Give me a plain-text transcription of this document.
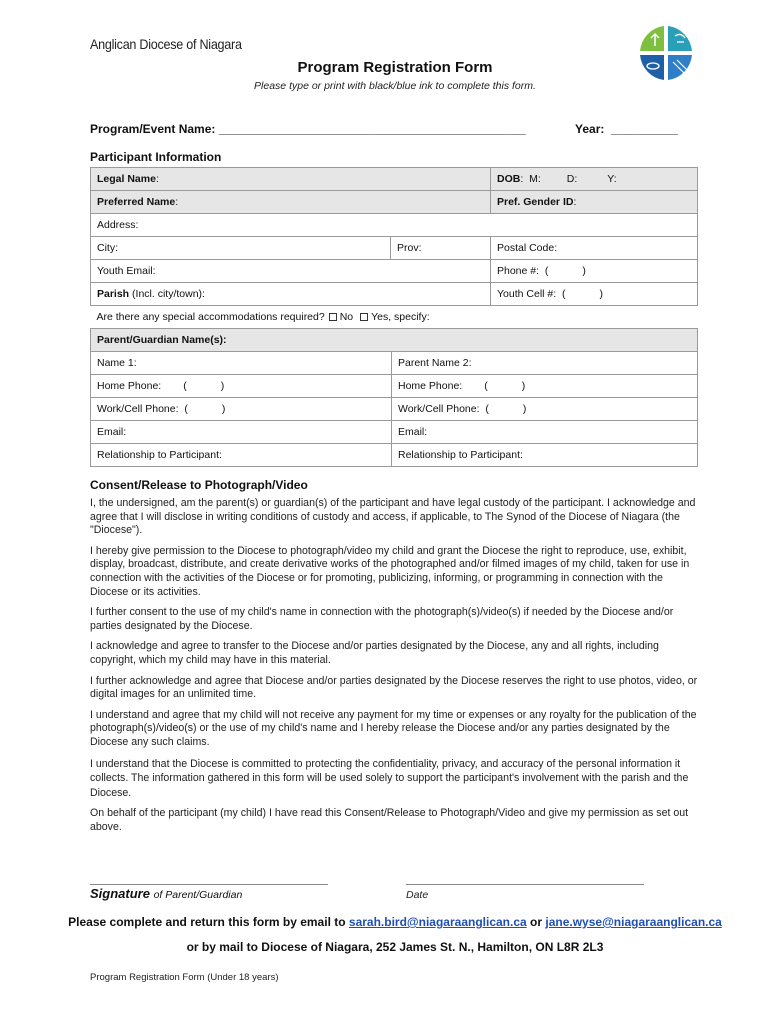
Anglican Diocese of Niagara
Program Registration Form
Please type or print with black/blue ink to complete this form.
Program/Event Name: ______________________________________________	Year: __________
Participant Information
Legal Name:		DOB:  M: D: Y:
Preferred Name:		Pref. Gender ID:
Address:		
City:	Prov:	Postal Code:
Youth Email:		Phone #:  ( )
Parish (Incl. city/town):		Youth Cell #:  ( )
Are there any special accommodations required? No Yes, specify:		
Parent/Guardian Name(s):		
Name 1:	Parent Name 2:
Home Phone: ( )	Home Phone: ( )
Work/Cell Phone:  ( )	Work/Cell Phone:  ( )
Email:	Email:
Relationship to Participant:	Relationship to Participant:
Consent/Release to Photograph/Video

I, the undersigned, am the parent(s) or guardian(s) of the participant and have legal custody of the participant. I acknowledge and agree that I will disclose in writing conditions of custody and access, if applicable, to The Synod of the Diocese of Niagara (the "Diocese").

I hereby give permission to the Diocese to photograph/video my child and grant the Diocese the right to reproduce, use, exhibit, display, broadcast, distribute, and create derivative works of the photographed and/or filmed images of my child, taken for use in connection with the activities of the Diocese or for promoting, publicizing, informing, or programming in connection with the Diocese or its activities.

I further consent to the use of my child's name in connection with the photograph(s)/video(s) if needed by the Diocese and/or parties designated by the Diocese.

I acknowledge and agree to transfer to the Diocese and/or parties designated by the Diocese, any and all rights, including copyright, which my child may have in this material.

I further acknowledge and agree that Diocese and/or parties designated by the Diocese reserves the right to use photos, video, or digital images for an unlimited time.

I understand and agree that my child will not receive any payment for my time or expenses or any royalty for the publication of the photograph(s)/video(s) or the use of my child's name and I hereby release the Diocese and/or any parties designated by the Diocese any such claims.

I understand that the Diocese is committed to protecting the confidentiality, privacy, and accuracy of the personal information it collects. The information gathered in this form will be used solely to support the participant's involvement with the parish and the Diocese.

On behalf of the participant (my child) I have read this Consent/Release to Photograph/Video and give my permission as set out above.

Signature of Parent/Guardian	Date
Please complete and return this form by email to sarah.bird@niagaraanglican.ca or jane.wyse@niagaraanglican.ca
or by mail to Diocese of Niagara, 252 James St. N., Hamilton, ON L8R 2L3
Program Registration Form (Under 18 years)
